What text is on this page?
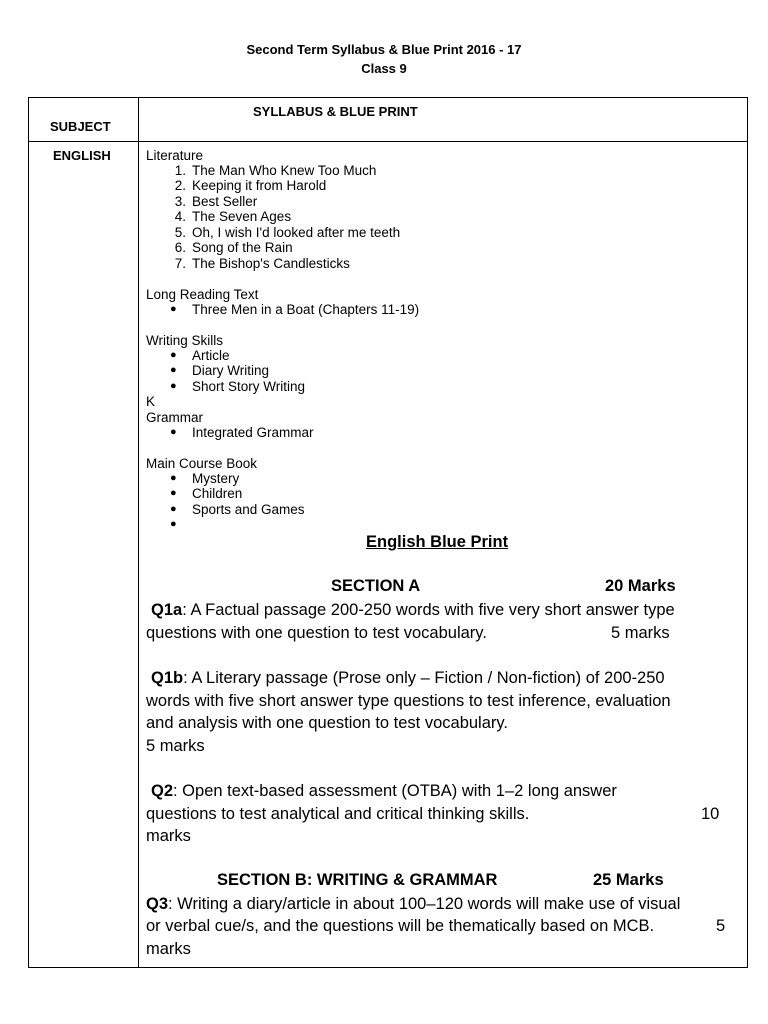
Second Term Syllabus & Blue Print 2016 - 17
Class 9
SUBJECT
SYLLABUS & BLUE PRINT
ENGLISH	Literature
1. The Man Who Knew Too Much
2. Keeping it from Harold
3. Best Seller
4. The Seven Ages
5. Oh, I wish I'd looked after me teeth
6. Song of the Rain
7. The Bishop's Candlesticks
Long Reading Text
● Three Men in a Boat (Chapters 11-19)
Writing Skills
● Article
● Diary Writing
● Short Story Writing
K
Grammar
● Integrated Grammar
Main Course Book
● Mystery
● Children
● Sports and Games
●
English Blue Print
SECTION A	20 Marks
Q1a: A Factual passage 200-250 words with five very short answer type
questions with one question to test vocabulary.	5 marks
Q1b: A Literary passage (Prose only – Fiction / Non-fiction) of 200-250
words with five short answer type questions to test inference, evaluation
and analysis with one question to test vocabulary.
5 marks
Q2: Open text-based assessment (OTBA) with 1–2 long answer
questions to test analytical and critical thinking skills.	10
marks
SECTION B: WRITING & GRAMMAR	25 Marks
Q3: Writing a diary/article in about 100–120 words will make use of visual
or verbal cue/s, and the questions will be thematically based on MCB.	5
marks
